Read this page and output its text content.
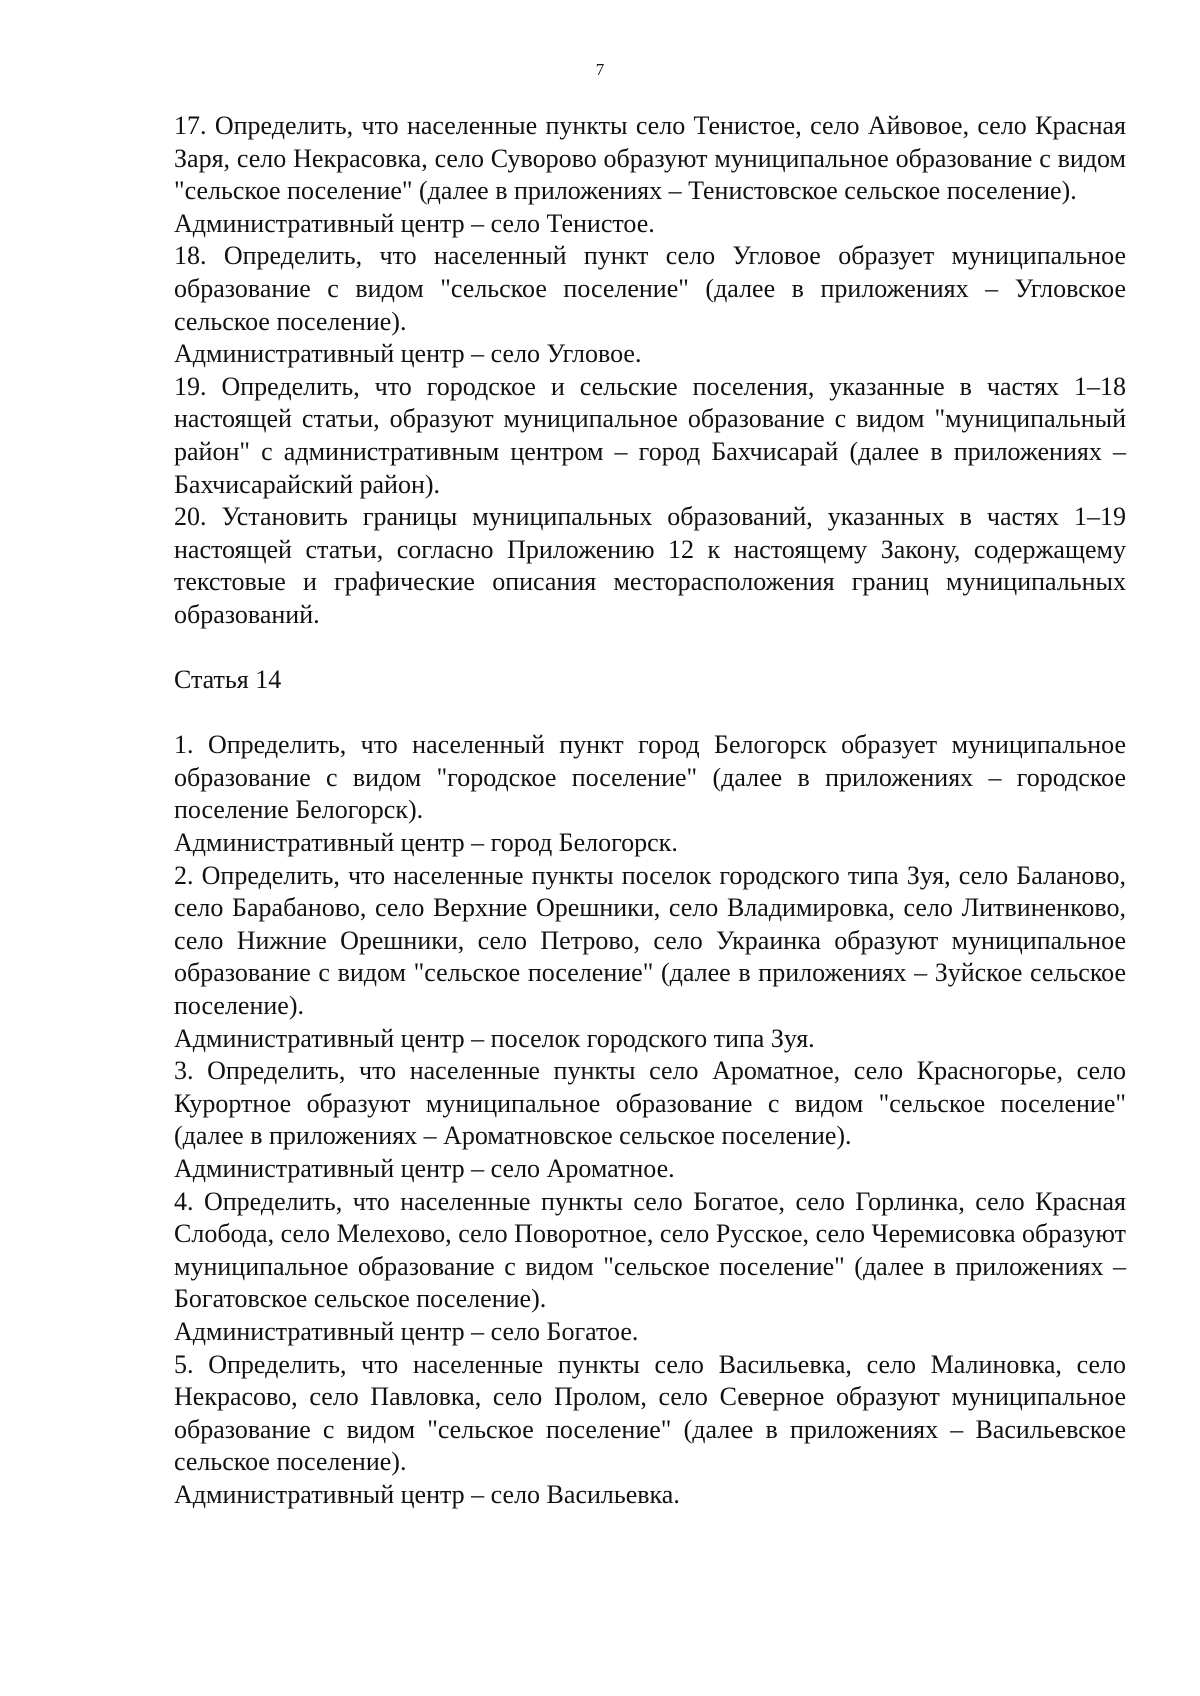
7
17. Определить, что населенные пункты село Тенистое, село Айвовое, село Красная Заря, село Некрасовка, село Суворово образуют муниципальное образование с видом "сельское поселение" (далее в приложениях – Тенистовское сельское поселение).
Административный центр – село Тенистое.
18. Определить, что населенный пункт село Угловое образует муниципальное образование с видом "сельское поселение" (далее в приложениях – Угловское сельское поселение).
Административный центр – село Угловое.
19. Определить, что городское и сельские поселения, указанные в частях 1–18 настоящей статьи, образуют муниципальное образование с видом "муниципальный район" с административным центром – город Бахчисарай (далее в приложениях – Бахчисарайский район).
20. Установить границы муниципальных образований, указанных в частях 1–19 настоящей статьи, согласно Приложению 12 к настоящему Закону, содержащему текстовые и графические описания месторасположения границ муниципальных образований.
Статья 14
1. Определить, что населенный пункт город Белогорск образует муниципальное образование с видом "городское поселение" (далее в приложениях – городское поселение Белогорск).
Административный центр – город Белогорск.
2. Определить, что населенные пункты поселок городского типа Зуя, село Баланово, село Барабаново, село Верхние Орешники, село Владимировка, село Литвиненково, село Нижние Орешники, село Петрово, село Украинка образуют муниципальное образование с видом "сельское поселение" (далее в приложениях – Зуйское сельское поселение).
Административный центр – поселок городского типа Зуя.
3. Определить, что населенные пункты село Ароматное, село Красногорье, село Курортное образуют муниципальное образование с видом "сельское поселение" (далее в приложениях – Ароматновское сельское поселение).
Административный центр – село Ароматное.
4. Определить, что населенные пункты село Богатое, село Горлинка, село Красная Слобода, село Мелехово, село Поворотное, село Русское, село Черемисовка образуют муниципальное образование с видом "сельское поселение" (далее в приложениях – Богатовское сельское поселение).
Административный центр – село Богатое.
5. Определить, что населенные пункты село Васильевка, село Малиновка, село Некрасово, село Павловка, село Пролом, село Северное образуют муниципальное образование с видом "сельское поселение" (далее в приложениях – Васильевское сельское поселение).
Административный центр – село Васильевка.
